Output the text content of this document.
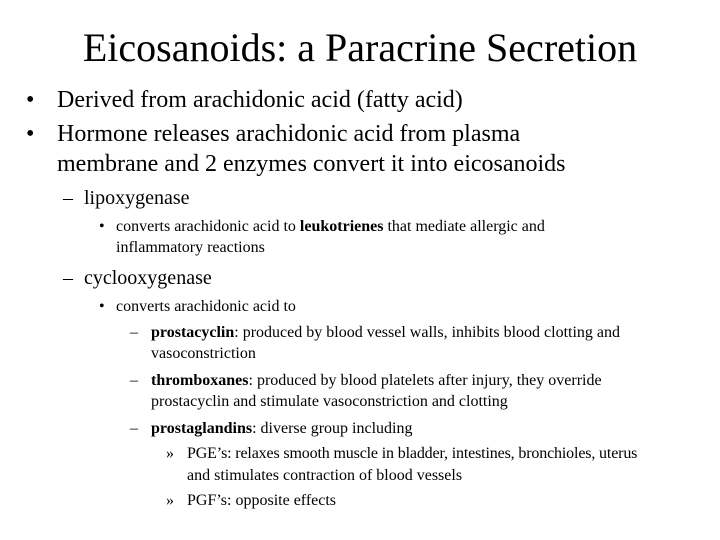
Eicosanoids: a Paracrine Secretion
• Derived from arachidonic acid (fatty acid)
• Hormone releases arachidonic acid from plasma
membrane and 2 enzymes convert it into eicosanoids
– lipoxygenase
• converts arachidonic acid to leukotrienes that mediate allergic and
inflammatory reactions
– cyclooxygenase
• converts arachidonic acid to
– prostacyclin: produced by blood vessel walls, inhibits blood clotting and
vasoconstriction
– thromboxanes: produced by blood platelets after injury, they override
prostacyclin and stimulate vasoconstriction and clotting
– prostaglandins: diverse group including
» PGE’s: relaxes smooth muscle in bladder, intestines, bronchioles, uterus
and stimulates contraction of blood vessels
» PGF’s: opposite effects
